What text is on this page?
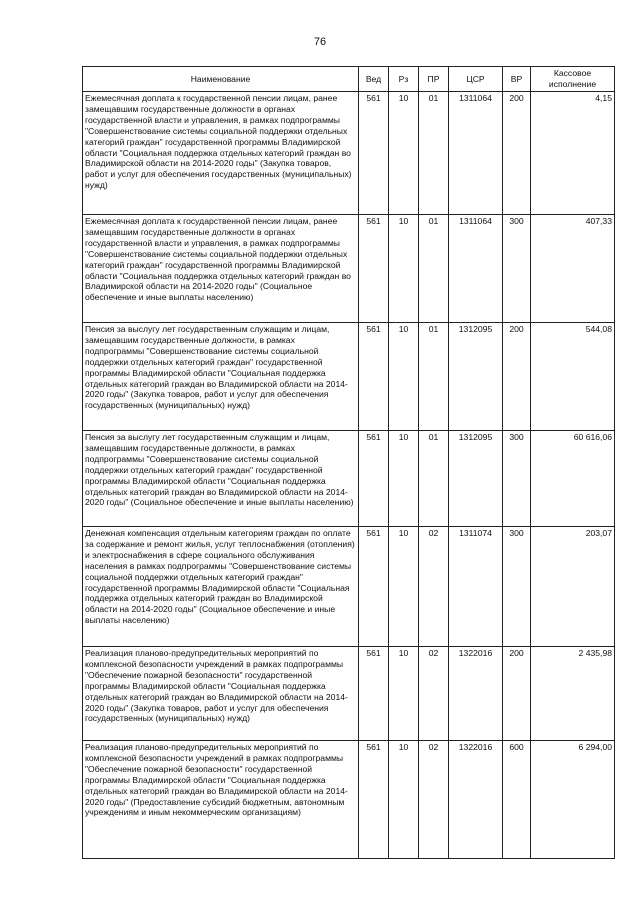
76
Наименование	Вед	Рз	ПР	ЦСР	ВР	Кассовое исполнение
Ежемесячная доплата к государственной пенсии лицам, ранее замещавшим государственные должности в органах государственной власти и управления, в рамках подпрограммы "Совершенствование системы социальной поддержки отдельных категорий граждан" государственной программы Владимирской области "Социальная поддержка отдельных категорий граждан во Владимирской области на 2014-2020 годы" (Закупка товаров, работ и услуг для обеспечения государственных (муниципальных) нужд)	561	10	01	1311064	200	4,15
Ежемесячная доплата к государственной пенсии лицам, ранее замещавшим государственные должности в органах государственной власти и управления, в рамках подпрограммы "Совершенствование системы социальной поддержки отдельных категорий граждан" государственной программы Владимирской области "Социальная поддержка отдельных категорий граждан во Владимирской области на 2014-2020 годы" (Социальное обеспечение и иные выплаты населению)	561	10	01	1311064	300	407,33
Пенсия за выслугу лет государственным служащим и лицам, замещавшим государственные должности, в рамках подпрограммы "Совершенствование системы социальной поддержки отдельных категорий граждан" государственной программы Владимирской области "Социальная поддержка отдельных категорий граждан во Владимирской области на 2014-2020 годы" (Закупка товаров, работ и услуг для обеспечения государственных (муниципальных) нужд)	561	10	01	1312095	200	544,08
Пенсия за выслугу лет государственным служащим и лицам, замещавшим государственные должности, в рамках подпрограммы "Совершенствование системы социальной поддержки отдельных категорий граждан" государственной программы Владимирской области "Социальная поддержка отдельных категорий граждан во Владимирской области на 2014-2020 годы" (Социальное обеспечение и иные выплаты населению)	561	10	01	1312095	300	60 616,06
Денежная компенсация отдельным категориям граждан по оплате за содержание и ремонт жилья, услуг теплоснабжения (отопления) и электроснабжения в сфере социального обслуживания населения в рамках подпрограммы "Совершенствование системы социальной поддержки отдельных категорий граждан" государственной программы Владимирской области "Социальная поддержка отдельных категорий граждан во Владимирской области на 2014-2020 годы" (Социальное обеспечение и иные выплаты населению)	561	10	02	1311074	300	203,07
Реализация планово-предупредительных мероприятий по комплексной безопасности учреждений в рамках подпрограммы "Обеспечение пожарной безопасности" государственной программы Владимирской области "Социальная поддержка отдельных категорий граждан во Владимирской области на 2014-2020 годы" (Закупка товаров, работ и услуг для обеспечения государственных (муниципальных) нужд)	561	10	02	1322016	200	2 435,98
Реализация планово-предупредительных мероприятий по комплексной безопасности учреждений в рамках подпрограммы "Обеспечение пожарной безопасности" государственной программы Владимирской области "Социальная поддержка отдельных категорий граждан во Владимирской области на 2014-2020 годы" (Предоставление субсидий бюджетным, автономным учреждениям и иным некоммерческим организациям)	561	10	02	1322016	600	6 294,00
